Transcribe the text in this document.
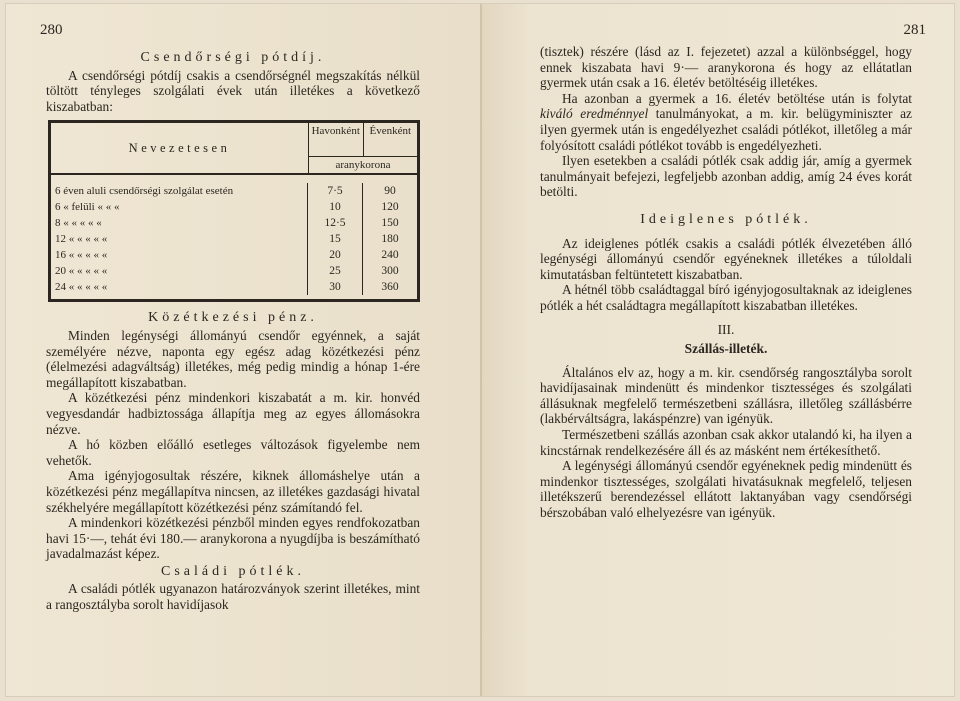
280
Csendőrségi pótdíj.

A csendőrségi pótdíj csakis a csendőrségnél megszakítás nélkül töltött tényleges szolgálati évek után illetékes a következő kiszabatban:

Nevezetesen
Havonként Évenként
aranykorona
6 éven aluli csendőrségi szolgálat esetén	7·5	90
6 « felüli « « «	10	120
8 « « « « «	12·5	150
12 « « « « «	15	180
16 « « « « «	20	240
20 « « « « «	25	300
24 « « « « «	30	360
Közétkezési pénz.

Minden legénységi állományú csendőr egyénnek, a saját személyére nézve, naponta egy egész adag közétkezési pénz (élelmezési adagváltság) illetékes, még pedig mindig a hónap 1-ére megállapított kiszabatban.

A közétkezési pénz mindenkori kiszabatát a m. kir. honvéd vegyesdandár hadbiztossága állapítja meg az egyes állomásokra nézve.

A hó közben előálló esetleges változások figyelembe nem vehetők.

Ama igényjogosultak részére, kiknek állomáshelye után a közétkezési pénz megállapítva nincsen, az illetékes gazdasági hivatal székhelyére megállapított közétkezési pénz számítandó fel.

A mindenkori közétkezési pénzből minden egyes rendfokozatban havi 15·—, tehát évi 180.— aranykorona a nyugdíjba is beszámítható javadalmazást képez.

Családi pótlék.

A családi pótlék ugyanazon határozványok szerint illetékes, mint a rangosztályba sorolt havidíjasok

281

(tisztek) részére (lásd az I. fejezetet) azzal a különbséggel, hogy ennek kiszabata havi 9·— aranykorona és hogy az ellátatlan gyermek után csak a 16. életév betöltéséig illetékes.

Ha azonban a gyermek a 16. életév betöltése után is folytat kiváló eredménnyel tanulmányokat, a m. kir. belügyminiszter az ilyen gyermek után is engedélyezhet családi pótlékot, illetőleg a már folyósított családi pótlékot tovább is engedélyezheti.

Ilyen esetekben a családi pótlék csak addig jár, amíg a gyermek tanulmányait befejezi, legfeljebb azonban addig, amíg 24 éves korát betölti.

Ideiglenes pótlék.

Az ideiglenes pótlék csakis a családi pótlék élvezetében álló legénységi állományú csendőr egyéneknek illetékes a túloldali kimutatásban feltüntetett kiszabatban.

A hétnél több családtaggal bíró igényjogosultaknak az ideiglenes pótlék a hét családtagra megállapított kiszabatban illetékes.

III.
Szállás-illeték.

Általános elv az, hogy a m. kir. csendőrség rangosztályba sorolt havidíjasainak mindenütt és mindenkor tisztességes és szolgálati állásuknak megfelelő természetbeni szállásra, illetőleg szállásbérre (lakbérváltságra, lakáspénzre) van igényük.

Természetbeni szállás azonban csak akkor utalandó ki, ha ilyen a kincstárnak rendelkezésére áll és az másként nem értékesíthető.

A legénységi állományú csendőr egyéneknek pedig mindenütt és mindenkor tisztességes, szolgálati hivatásuknak megfelelő, teljesen illetékszerű berendezéssel ellátott laktanyában vagy csendőrségi bérszobában való elhelyezésre van igényük.
